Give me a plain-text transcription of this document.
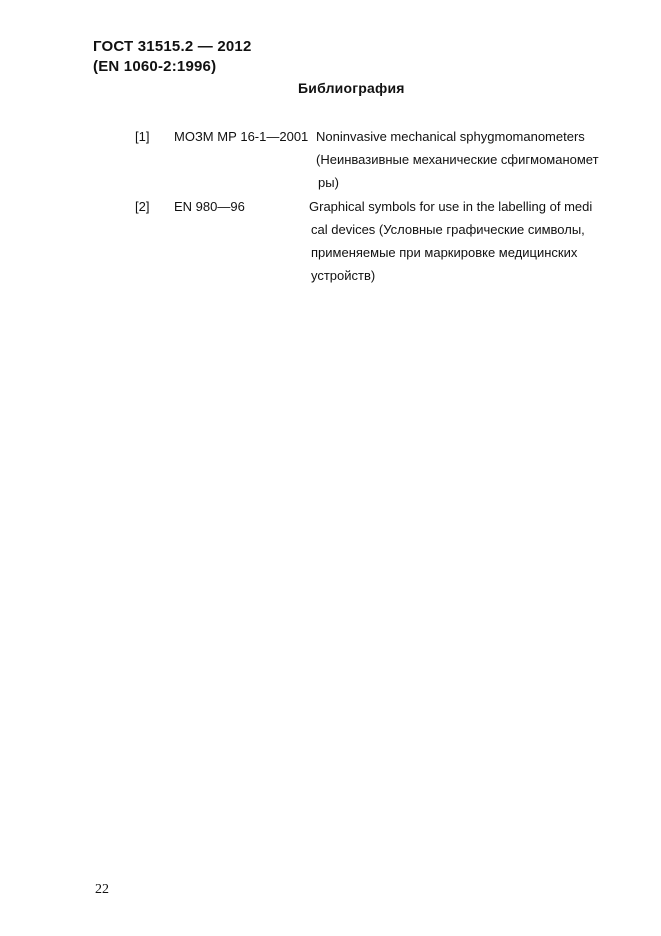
ГОСТ 31515.2 — 2012
(EN 1060-2:1996)
Библиография
[1] МОЗМ МР 16-1—2001 Noninvasive mechanical sphygmomanometers
(Неинвазивные механические сфигмоманомет
ры)
[2] EN 980—96	Graphical symbols for use in the labelling of medi
cal devices (Условные графические символы,
применяемые при маркировке медицинских
устройств)
22
